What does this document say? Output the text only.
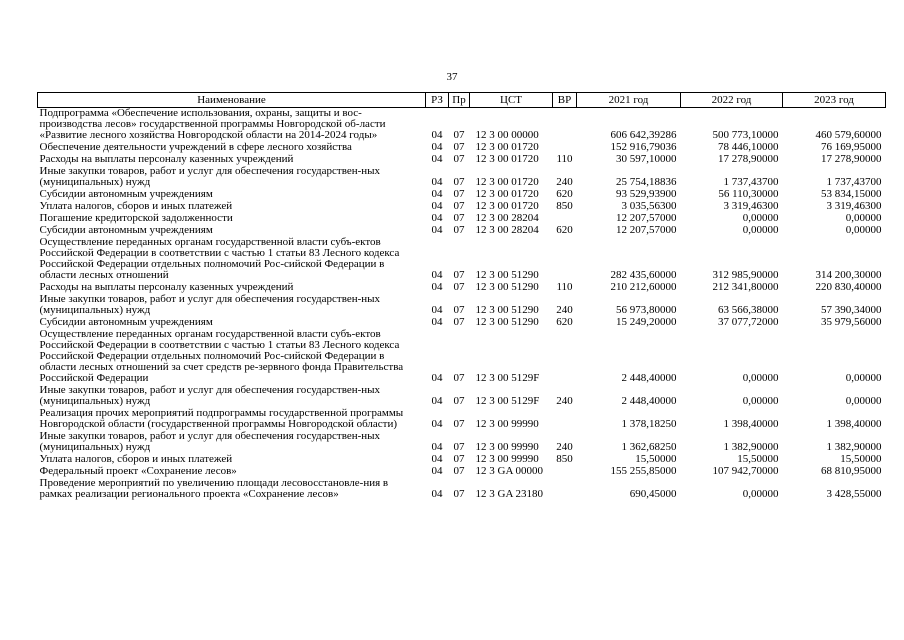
37
Наименование	РЗ	Пр	ЦСТ	ВР	2021 год	2022 год	2023 год
Подпрограмма «Обеспечение использования, охраны, защиты и вос-производства лесов» государственной программы Новгородской об-ласти «Развитие лесного хозяйства Новгородской области на 2014-2024 годы»	04	07	12 3 00 00000		606 642,39286	500 773,10000	460 579,60000
Обеспечение деятельности учреждений в сфере лесного хозяйства	04	07	12 3 00 01720		152 916,79036	78 446,10000	76 169,95000
Расходы на выплаты персоналу казенных учреждений	04	07	12 3 00 01720	110	30 597,10000	17 278,90000	17 278,90000
Иные закупки товаров, работ и услуг для обеспечения государствен-ных (муниципальных) нужд	04	07	12 3 00 01720	240	25 754,18836	1 737,43700	1 737,43700
Субсидии автономным учреждениям	04	07	12 3 00 01720	620	93 529,93900	56 110,30000	53 834,15000
Уплата налогов, сборов и иных платежей	04	07	12 3 00 01720	850	3 035,56300	3 319,46300	3 319,46300
Погашение кредиторской задолженности	04	07	12 3 00 28204		12 207,57000	0,00000	0,00000
Субсидии автономным учреждениям	04	07	12 3 00 28204	620	12 207,57000	0,00000	0,00000
Осуществление переданных органам государственной власти субъ-ектов Российской Федерации в соответствии с частью 1 статьи 83 Лесного кодекса Российской Федерации отдельных полномочий Рос-сийской Федерации в области лесных отношений	04	07	12 3 00 51290		282 435,60000	312 985,90000	314 200,30000
Расходы на выплаты персоналу казенных учреждений	04	07	12 3 00 51290	110	210 212,60000	212 341,80000	220 830,40000
Иные закупки товаров, работ и услуг для обеспечения государствен-ных (муниципальных) нужд	04	07	12 3 00 51290	240	56 973,80000	63 566,38000	57 390,34000
Субсидии автономным учреждениям	04	07	12 3 00 51290	620	15 249,20000	37 077,72000	35 979,56000
Осуществление переданных органам государственной власти субъ-ектов Российской Федерации в соответствии с частью 1 статьи 83 Лесного кодекса Российской Федерации отдельных полномочий Рос-сийской Федерации в области лесных отношений за счет средств ре-зервного фонда Правительства Российской Федерации	04	07	12 3 00 5129F		2 448,40000	0,00000	0,00000
Иные закупки товаров, работ и услуг для обеспечения государствен-ных (муниципальных) нужд	04	07	12 3 00 5129F	240	2 448,40000	0,00000	0,00000
Реализация прочих мероприятий подпрограммы государственной программы Новгородской области (государственной программы Новгородской области)	04	07	12 3 00 99990		1 378,18250	1 398,40000	1 398,40000
Иные закупки товаров, работ и услуг для обеспечения государствен-ных (муниципальных) нужд	04	07	12 3 00 99990	240	1 362,68250	1 382,90000	1 382,90000
Уплата налогов, сборов и иных платежей	04	07	12 3 00 99990	850	15,50000	15,50000	15,50000
Федеральный проект «Сохранение лесов»	04	07	12 3 GA 00000		155 255,85000	107 942,70000	68 810,95000
Проведение мероприятий по увеличению площади лесовосстановле-ния в рамках реализации регионального проекта «Сохранение лесов»	04	07	12 3 GA 23180		690,45000	0,00000	3 428,55000
